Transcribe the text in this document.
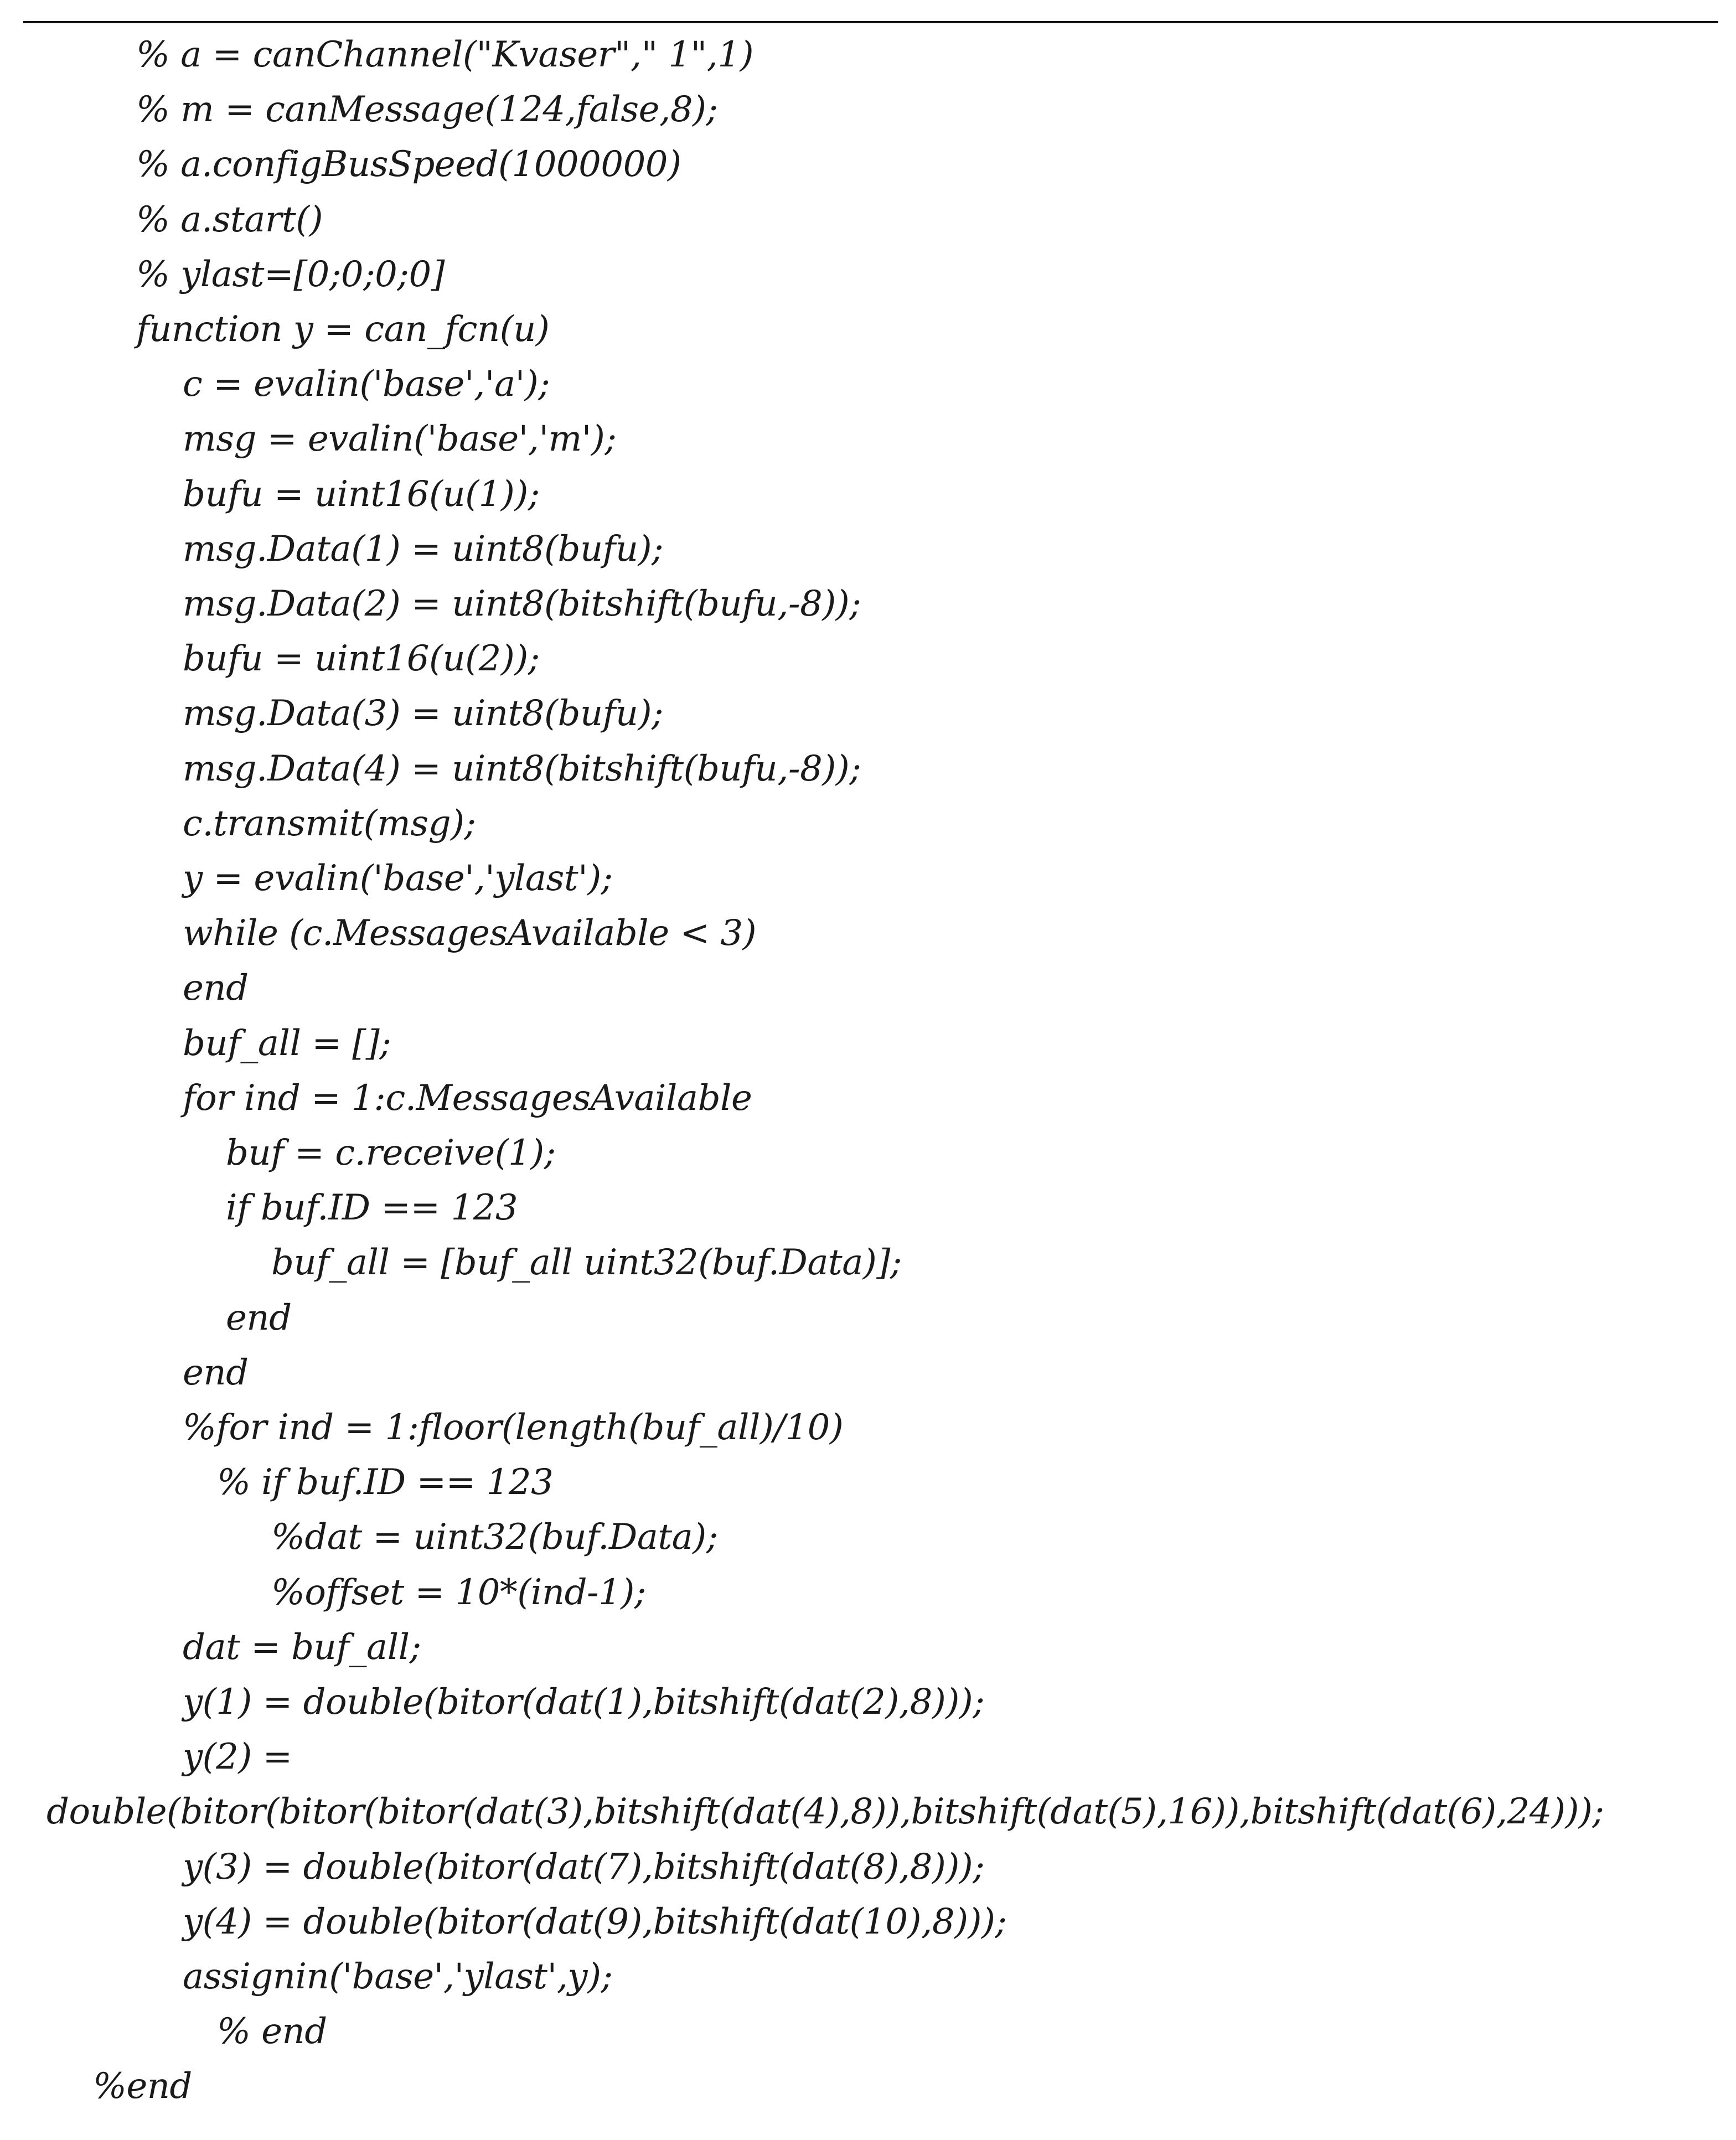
% a = canChannel("Kvaser"," 1",1)
% m = canMessage(124,false,8);
% a.configBusSpeed(1000000)
% a.start()
% ylast=[0;0;0;0]
function y = can_fcn(u)
c = evalin('base','a');
msg = evalin('base','m');
bufu = uint16(u(1));
msg.Data(1) = uint8(bufu);
msg.Data(2) = uint8(bitshift(bufu,-8));
bufu = uint16(u(2));
msg.Data(3) = uint8(bufu);
msg.Data(4) = uint8(bitshift(bufu,-8));
c.transmit(msg);
y = evalin('base','ylast');
while (c.MessagesAvailable < 3)
end
buf_all = [];
for ind = 1:c.MessagesAvailable
buf = c.receive(1);
if buf.ID == 123
buf_all = [buf_all uint32(buf.Data)];
end
end
%for ind = 1:floor(length(buf_all)/10)
% if buf.ID == 123
%dat = uint32(buf.Data);
%offset = 10*(ind-1);
dat = buf_all;
y(1) = double(bitor(dat(1),bitshift(dat(2),8)));
y(2) =
double(bitor(bitor(bitor(dat(3),bitshift(dat(4),8)),bitshift(dat(5),16)),bitshift(dat(6),24)));
y(3) = double(bitor(dat(7),bitshift(dat(8),8)));
y(4) = double(bitor(dat(9),bitshift(dat(10),8)));
assignin('base','ylast',y);
% end
%end
